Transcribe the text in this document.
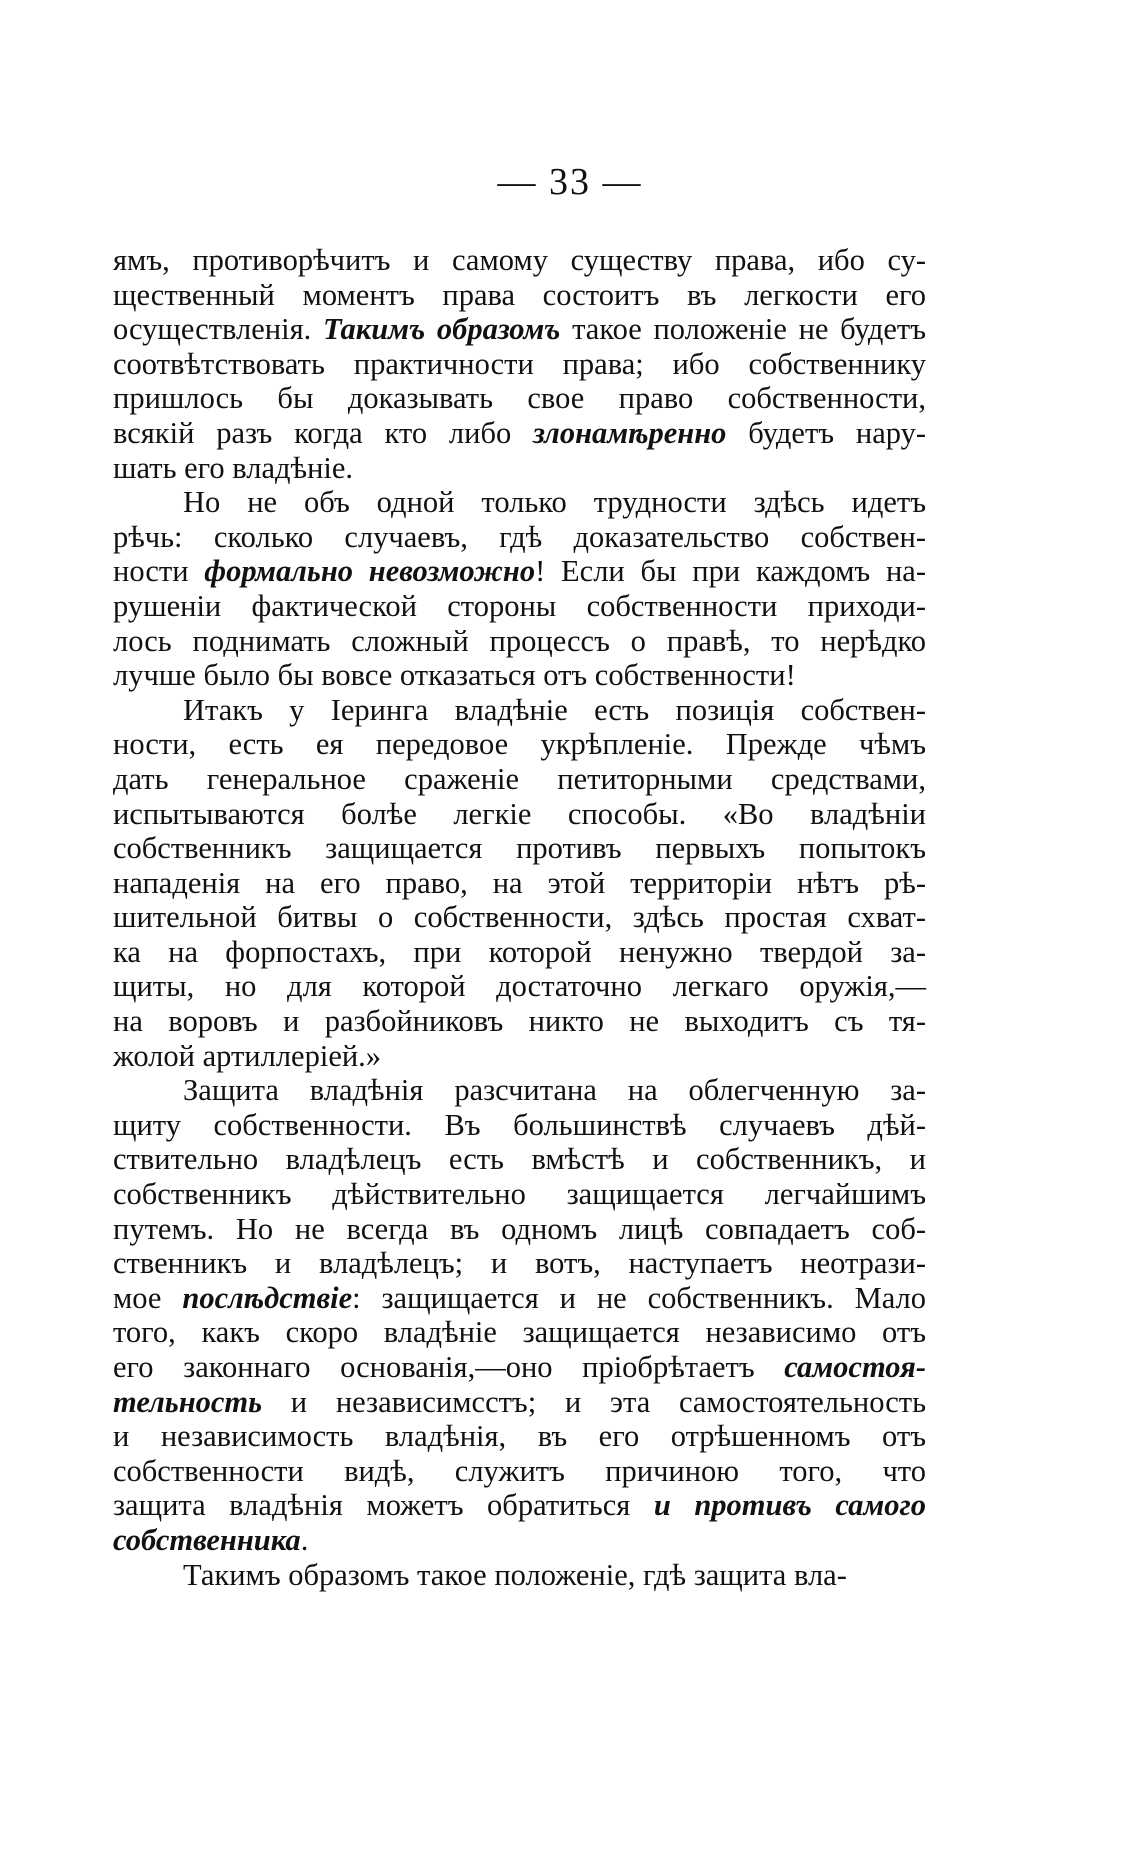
— 33 —
ямъ, противорѣчитъ и самому существу права, ибо су-
щественный моментъ права состоитъ въ легкости его
осуществленія. Такимъ образомъ такое положеніе не будетъ
соотвѣтствовать практичности права; ибо собственнику
пришлось бы доказывать свое право собственности,
всякій разъ когда кто либо злонамѣренно будетъ нару-
шать его владѣніе.
Но не объ одной только трудности здѣсь идетъ
рѣчь: сколько случаевъ, гдѣ доказательство собствен-
ности формально невозможно! Если бы при каждомъ на-
рушеніи фактической стороны собственности приходи-
лось поднимать сложный процессъ о правѣ, то нерѣдко
лучше было бы вовсе отказаться отъ собственности!
Итакъ у Іеринга владѣніе есть позиція собствен-
ности, есть ея передовое укрѣпленіе. Прежде чѣмъ
дать генеральное сраженіе петиторными средствами,
испытываются болѣе легкіе способы. «Во владѣніи
собственникъ защищается противъ первыхъ попытокъ
нападенія на его право, на этой территоріи нѣтъ рѣ-
шительной битвы о собственности, здѣсь простая схват-
ка на форпостахъ, при которой ненужно твердой за-
щиты, но для которой достаточно легкаго оружія,—
на воровъ и разбойниковъ никто не выходитъ съ тя-
жолой артиллеріей.»
Защита владѣнія разсчитана на облегченную за-
щиту собственности. Въ большинствѣ случаевъ дѣй-
ствительно владѣлецъ есть вмѣстѣ и собственникъ, и
собственникъ дѣйствительно защищается легчайшимъ
путемъ. Но не всегда въ одномъ лицѣ совпадаетъ соб-
ственникъ и владѣлецъ; и вотъ, наступаетъ неотрази-
мое послѣдствіе: защищается и не собственникъ. Мало
того, какъ скоро владѣніе защищается независимо отъ
его законнаго основанія,—оно пріобрѣтаетъ самостоя-
тельность и независимсстъ; и эта самостоятельность
и независимость владѣнія, въ его отрѣшенномъ отъ
собственности видѣ, служитъ причиною того, что
защита владѣнія можетъ обратиться и противъ самого
собственника.
Такимъ образомъ такое положеніе, гдѣ защита вла-
